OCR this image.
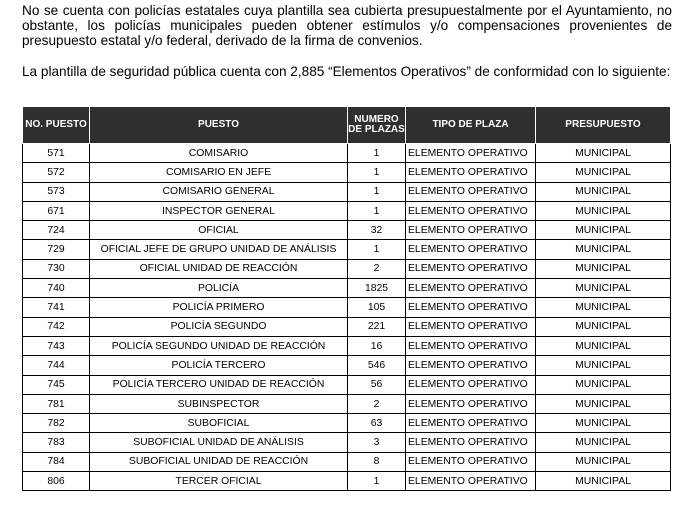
No se cuenta con policías estatales cuya plantilla sea cubierta presupuestalmente por el Ayuntamiento, no obstante, los policías municipales pueden obtener estímulos y/o compensaciones provenientes de presupuesto estatal y/o federal, derivado de la firma de convenios.

La plantilla de seguridad pública cuenta con 2,885 “Elementos Operativos” de conformidad con lo siguiente:

NO. PUESTO	PUESTO	NUMERO DE PLAZAS	TIPO DE PLAZA	PRESUPUESTO
571	COMISARIO	1	ELEMENTO OPERATIVO	MUNICIPAL
572	COMISARIO EN JEFE	1	ELEMENTO OPERATIVO	MUNICIPAL
573	COMISARIO GENERAL	1	ELEMENTO OPERATIVO	MUNICIPAL
671	INSPECTOR GENERAL	1	ELEMENTO OPERATIVO	MUNICIPAL
724	OFICIAL	32	ELEMENTO OPERATIVO	MUNICIPAL
729	OFICIAL JEFE DE GRUPO UNIDAD DE ANÁLISIS	1	ELEMENTO OPERATIVO	MUNICIPAL
730	OFICIAL UNIDAD DE REACCIÓN	2	ELEMENTO OPERATIVO	MUNICIPAL
740	POLICÍA	1825	ELEMENTO OPERATIVO	MUNICIPAL
741	POLICÍA PRIMERO	105	ELEMENTO OPERATIVO	MUNICIPAL
742	POLICÍA SEGUNDO	221	ELEMENTO OPERATIVO	MUNICIPAL
743	POLICÍA SEGUNDO UNIDAD DE REACCIÓN	16	ELEMENTO OPERATIVO	MUNICIPAL
744	POLICÍA TERCERO	546	ELEMENTO OPERATIVO	MUNICIPAL
745	POLICÍA TERCERO UNIDAD DE REACCIÓN	56	ELEMENTO OPERATIVO	MUNICIPAL
781	SUBINSPECTOR	2	ELEMENTO OPERATIVO	MUNICIPAL
782	SUBOFICIAL	63	ELEMENTO OPERATIVO	MUNICIPAL
783	SUBOFICIAL UNIDAD DE ANÁLISIS	3	ELEMENTO OPERATIVO	MUNICIPAL
784	SUBOFICIAL UNIDAD DE REACCIÓN	8	ELEMENTO OPERATIVO	MUNICIPAL
806	TERCER OFICIAL	1	ELEMENTO OPERATIVO	MUNICIPAL
